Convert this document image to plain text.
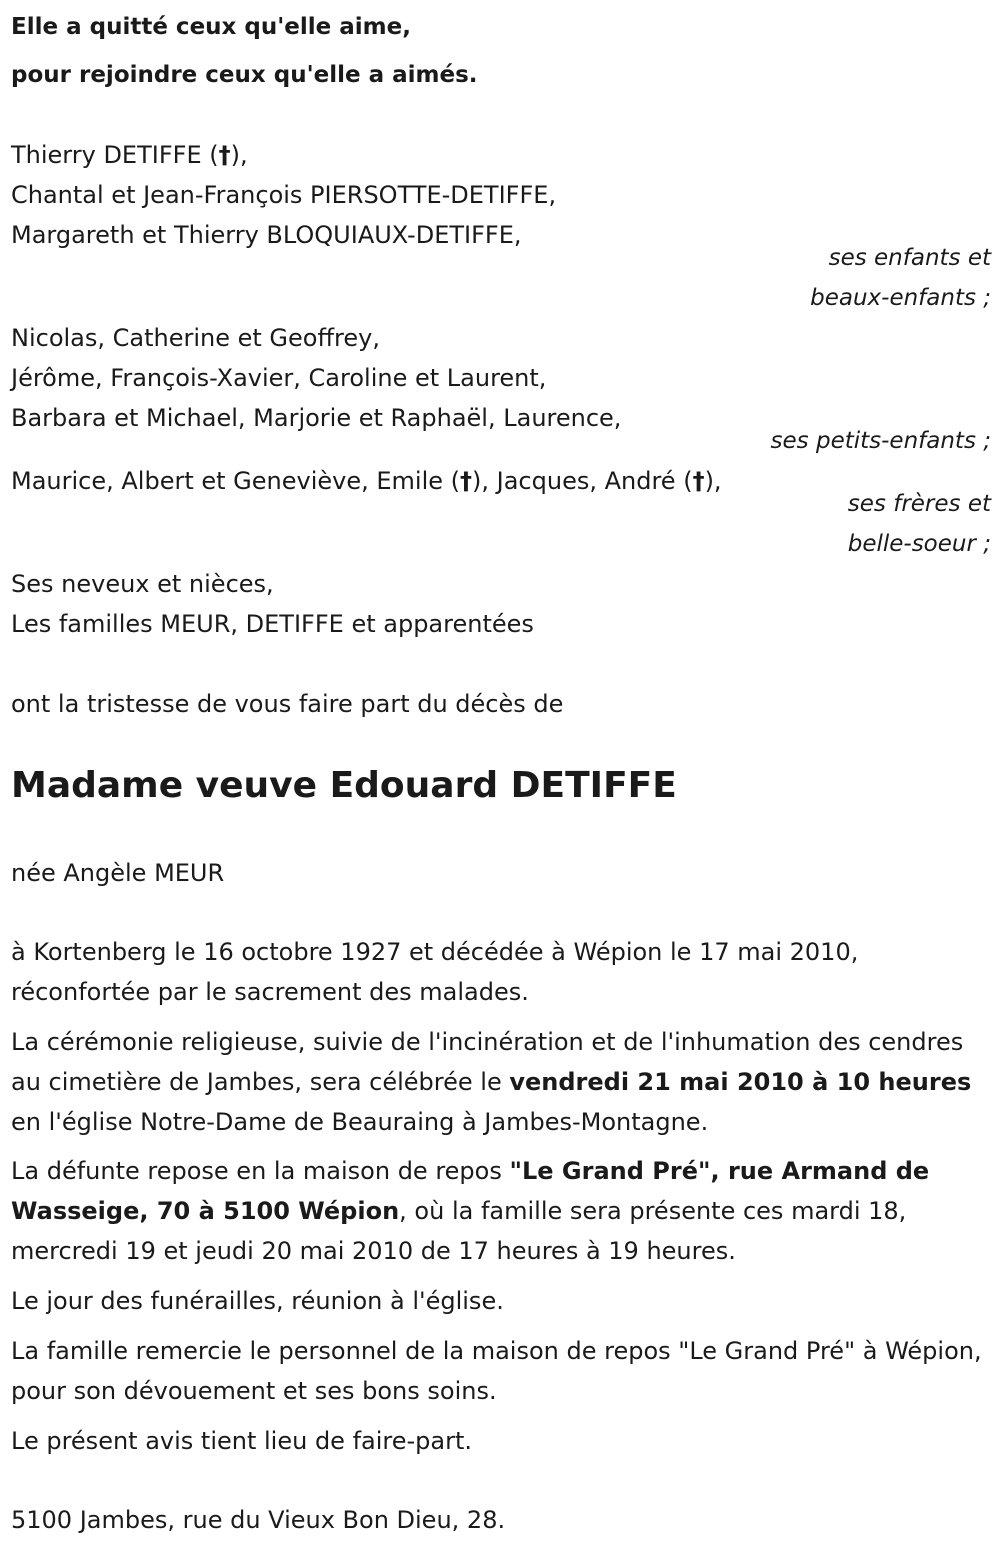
Elle a quitté ceux qu'elle aime,
pour rejoindre ceux qu'elle a aimés.
Thierry DETIFFE (†),
Chantal et Jean-François PIERSOTTE-DETIFFE,
Margareth et Thierry BLOQUIAUX-DETIFFE,
ses enfants et
beaux-enfants ;
Nicolas, Catherine et Geoffrey,
Jérôme, François-Xavier, Caroline et Laurent,
Barbara et Michael, Marjorie et Raphaël, Laurence,
ses petits-enfants ;
Maurice, Albert et Geneviève, Emile (†), Jacques, André (†),
ses frères et
belle-soeur ;
Ses neveux et nièces,
Les familles MEUR, DETIFFE et apparentées
ont la tristesse de vous faire part du décès de
Madame veuve Edouard DETIFFE
née Angèle MEUR
à Kortenberg le 16 octobre 1927 et décédée à Wépion le 17 mai 2010, réconfortée par le sacrement des malades.
La cérémonie religieuse, suivie de l'incinération et de l'inhumation des cendres au cimetière de Jambes, sera célébrée le vendredi 21 mai 2010 à 10 heures en l'église Notre-Dame de Beauraing à Jambes-Montagne.
La défunte repose en la maison de repos "Le Grand Pré", rue Armand de Wasseige, 70 à 5100 Wépion, où la famille sera présente ces mardi 18, mercredi 19 et jeudi 20 mai 2010 de 17 heures à 19 heures.
Le jour des funérailles, réunion à l'église.
La famille remercie le personnel de la maison de repos "Le Grand Pré" à Wépion, pour son dévouement et ses bons soins.
Le présent avis tient lieu de faire-part.
5100 Jambes, rue du Vieux Bon Dieu, 28.
